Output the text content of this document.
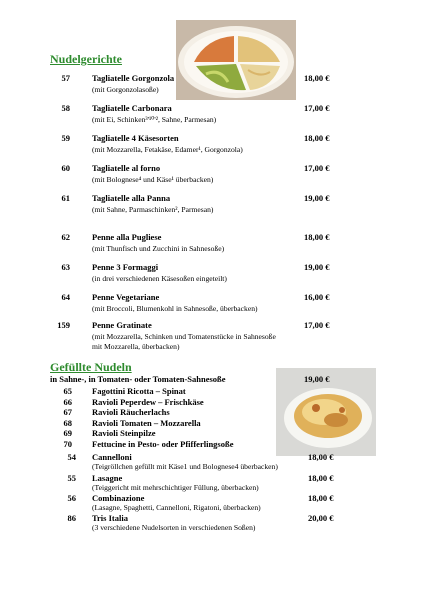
Nudelgerichte
57	Tagliatelle Gorgonzola	18,00 €
(mit Gorgonzolasoße)
58	Tagliatelle Carbonara	17,00 €
(mit Ei, Schinken³'¹⁰'², Sahne, Parmesan)
59	Tagliatelle 4 Käsesorten	18,00 €
(mit Mozzarella, Fetakäse, Edamer¹, Gorgonzola)
60	Tagliatelle al forno	17,00 €
(mit Bolognese⁴ und Käse¹ überbacken)
61	Tagliatelle alla Panna	19,00 €
(mit Sahne, Parmaschinken², Parmesan)
62	Penne alla Pugliese	18,00 €
(mit Thunfisch und Zucchini in Sahnesoße)
63	Penne 3 Formaggi	19,00 €
(in drei verschiedenen Käsesoßen eingeteilt)
64	Penne Vegetariane	16,00 €
(mit Broccoli, Blumenkohl in Sahnesoße, überbacken)
159	Penne Gratinate	17,00 €
(mit Mozzarella, Schinken und Tomatenstücke in Sahnesoße
mit Mozzarella, überbacken)
Gefüllte Nudeln
in Sahne-, in Tomaten- oder Tomaten-Sahnesoße	19,00 €
65 Fagottini Ricotta – Spinat
66 Ravioli Peperdew – Frischkäse
67 Ravioli Räucherlachs
68 Ravioli Tomaten – Mozzarella
69 Ravioli Steinpilze
70 Fettucine in Pesto- oder Pfifferlingsoße
54 Cannelloni	18,00 €
(Teigröllchen gefüllt mit Käse1 und Bolognese4 überbacken)
55 Lasagne	18,00 €
(Teiggericht mit mehrschichtiger Füllung, überbacken)
56 Combinazione	18,00 €
(Lasagne, Spaghetti, Cannelloni, Rigatoni, überbacken)
86 Tris Italia	20,00 €
(3 verschiedene Nudelsorten in verschiedenen Soßen)
